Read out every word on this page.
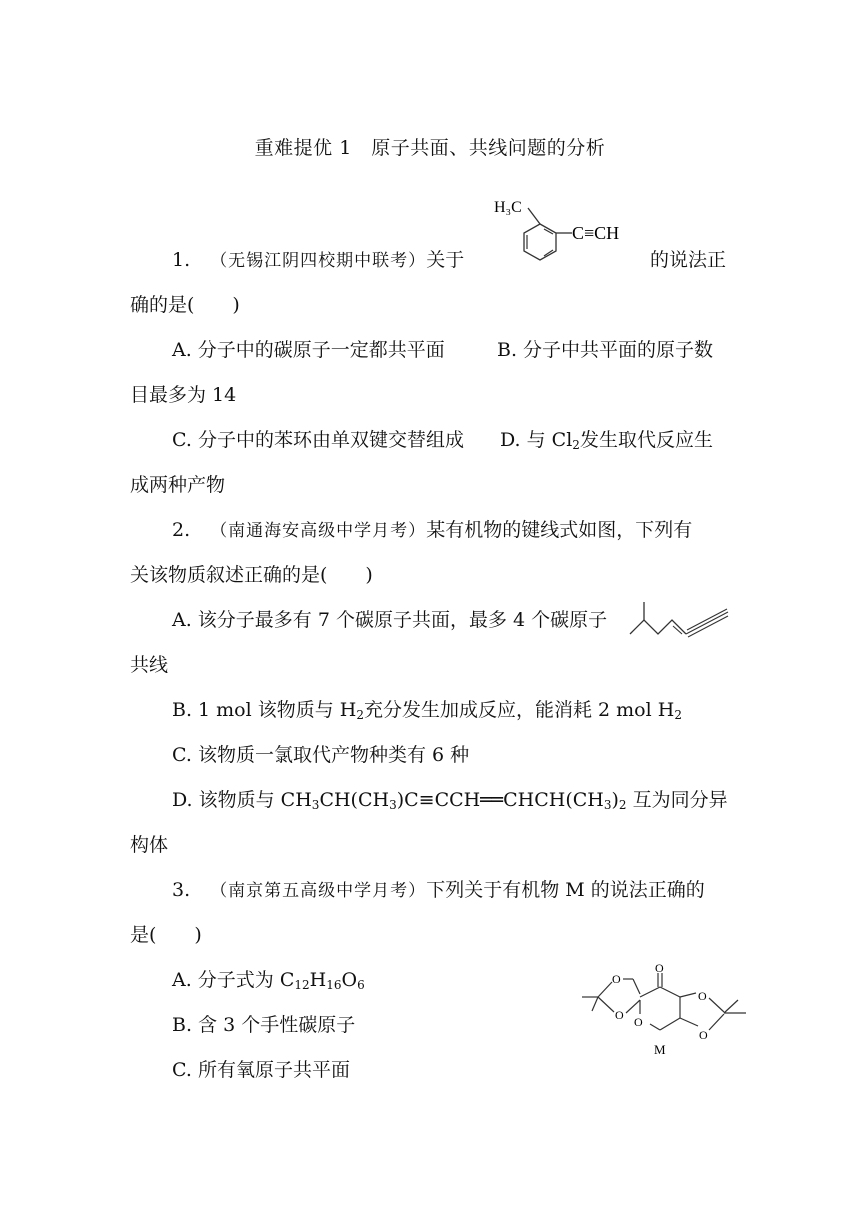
重难提优 1　原子共面、共线问题的分析
1. （无锡江阴四校期中联考）关于
H₃C
C≡CH
的说法正
确的是(　　)
A. 分子中的碳原子一定都共平面	B. 分子中共平面的原子数
目最多为 14
C. 分子中的苯环由单双键交替组成 D. 与 $Cl_2$发生取代反应生
成两种产物
2. （南通海安高级中学月考）某有机物的键线式如图，下列有
关该物质叙述正确的是(　　)
A. 该分子最多有 7 个碳原子共面，最多 4 个碳原子
共线
B. 1 mol 该物质与 $H_2$充分发生加成反应，能消耗 2 mol $H_2$
C. 该物质一氯取代产物种类有 6 种
D. 该物质与 $CH_3CH(CH_3)C\equiv CCH══CHCH(CH_3)_2$ 互为同分异
构体
3. （南京第五高级中学月考）下列关于有机物 M 的说法正确的
是(　　)
A. 分子式为 $C_{12}H_{16}O_6$
B. 含 3 个手性碳原子
C. 所有氧原子共平面
O
O O
O
O
O
M
